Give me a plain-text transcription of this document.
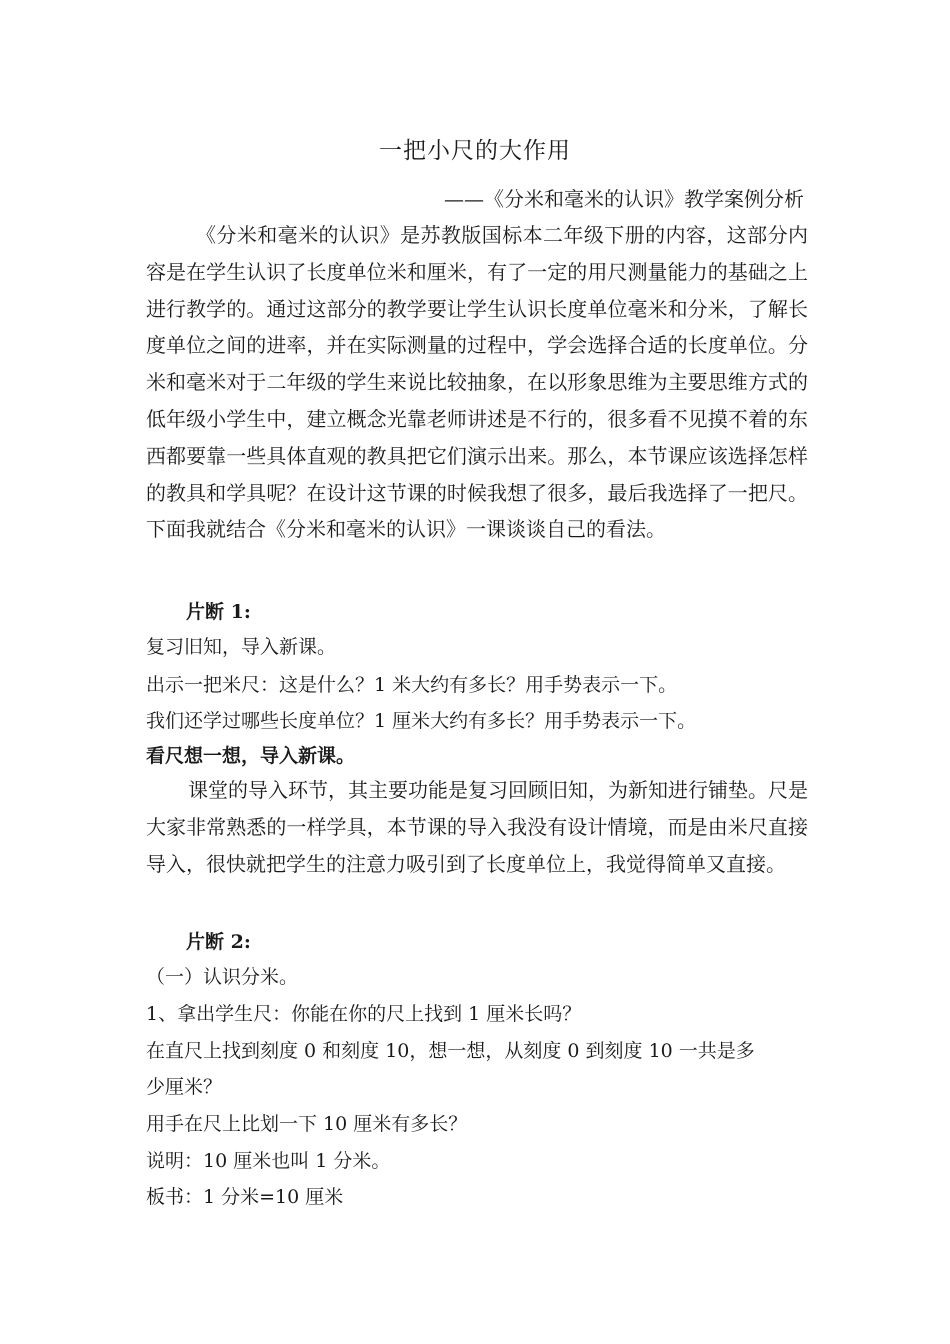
一把小尺的大作用
——《分米和毫米的认识》教学案例分析

《分米和毫米的认识》是苏教版国标本二年级下册的内容，这部分内容是在学生认识了长度单位米和厘米，有了一定的用尺测量能力的基础之上进行教学的。通过这部分的教学要让学生认识长度单位毫米和分米，了解长度单位之间的进率，并在实际测量的过程中，学会选择合适的长度单位。分米和毫米对于二年级的学生来说比较抽象，在以形象思维为主要思维方式的低年级小学生中，建立概念光靠老师讲述是不行的，很多看不见摸不着的东西都要靠一些具体直观的教具把它们演示出来。那么，本节课应该选择怎样的教具和学具呢？在设计这节课的时候我想了很多，最后我选择了一把尺。下面我就结合《分米和毫米的认识》一课谈谈自己的看法。

片断 1:
复习旧知，导入新课。
出示一把米尺：这是什么？1 米大约有多长？用手势表示一下。
我们还学过哪些长度单位？1 厘米大约有多长？用手势表示一下。
看尺想一想，导入新课。

课堂的导入环节，其主要功能是复习回顾旧知，为新知进行铺垫。尺是大家非常熟悉的一样学具，本节课的导入我没有设计情境，而是由米尺直接导入，很快就把学生的注意力吸引到了长度单位上，我觉得简单又直接。

片断 2:
（一）认识分米。
1、拿出学生尺：你能在你的尺上找到 1 厘米长吗？
在直尺上找到刻度 0 和刻度 10，想一想，从刻度 0 到刻度 10 一共是多
少厘米？
用手在尺上比划一下 10 厘米有多长？
说明：10 厘米也叫 1 分米。
板书：1 分米=10 厘米
